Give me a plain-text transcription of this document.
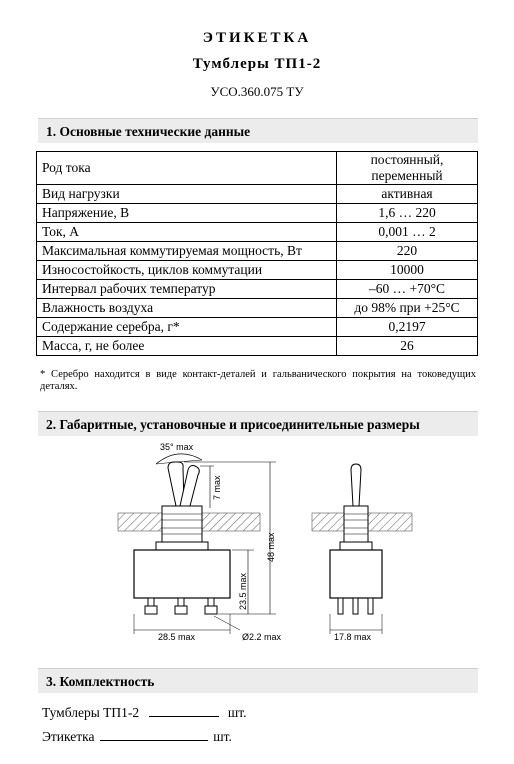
ЭТИКЕТКА
Тумблеры ТП1-2
УСО.360.075 ТУ
1. Основные технические данные
Род тока	постоянный,
переменный
Вид нагрузки	активная
Напряжение, В	1,6 … 220
Ток, А	0,001 … 2
Максимальная коммутируемая мощность, Вт	220
Износостойкость, циклов коммутации	10000
Интервал рабочих температур	–60 … +70°С
Влажность воздуха	до 98% при +25°С
Содержание серебра, г*	0,2197
Масса, г, не более	26
* Серебро находится в виде контакт-деталей и гальванического покрытия на токоведущих деталях.
2. Габаритные, установочные и присоединительные размеры
35° max
7 max
28.5 max	Ø2.2 max
23.5 max
48 max
17.8 max
3. Комплектность
Тумблеры ТП1-2	шт.
Этикетка	шт.
